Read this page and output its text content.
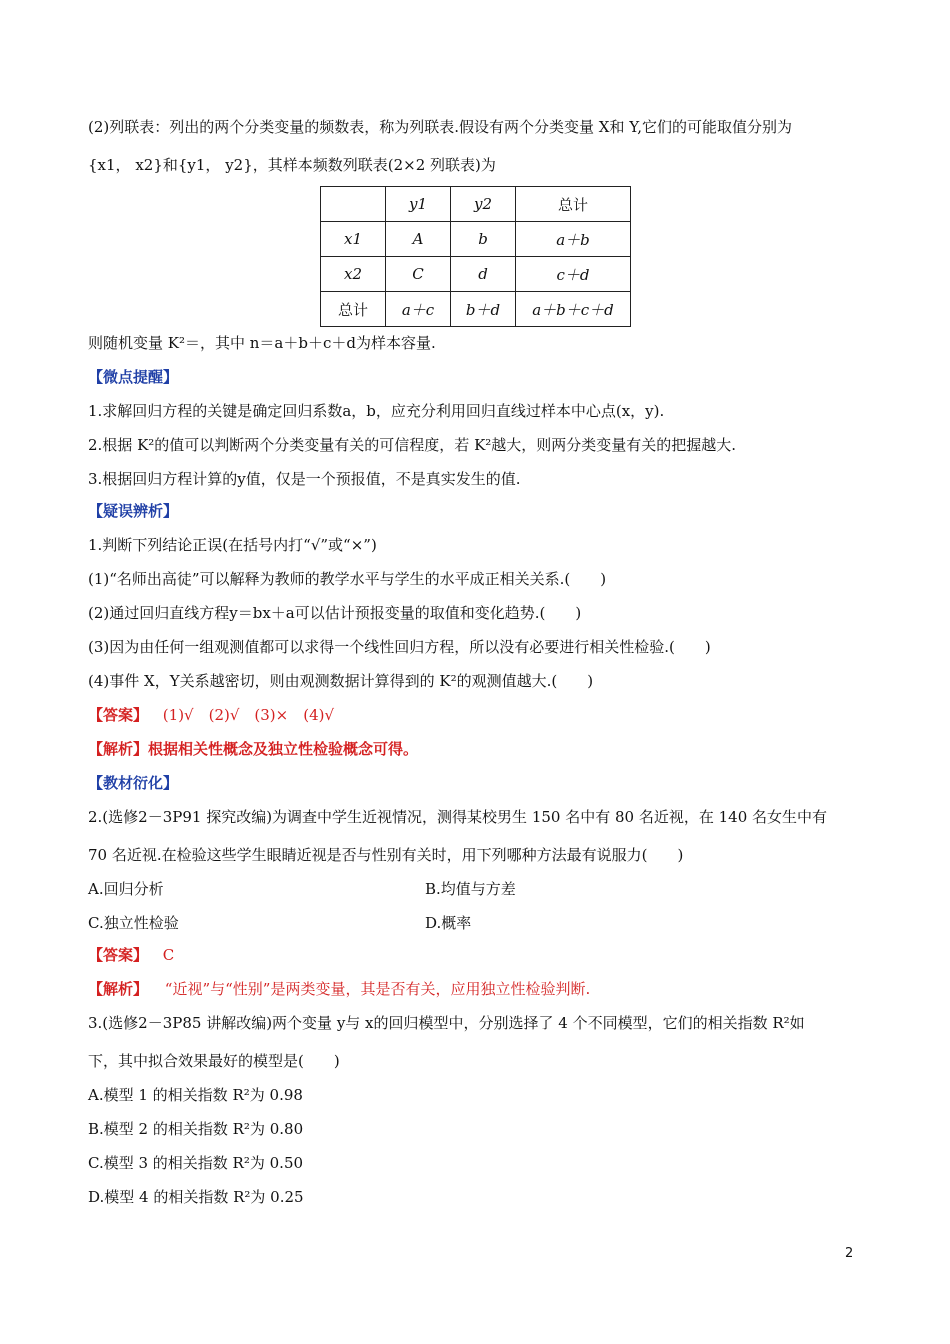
(2)列联表：列出的两个分类变量的频数表，称为列联表.假设有两个分类变量 X和 Y,它们的可能取值分别为
{x1， x2}和{y1， y2}，其样本频数列联表(2×2 列联表)为
	y1	y2	总计
x1	A	b	a＋b
x2	C	d	c＋d
总计	a＋c	b＋d	a＋b＋c＋d
则随机变量 K²＝，其中 n＝a＋b＋c＋d为样本容量.
【微点提醒】
1.求解回归方程的关键是确定回归系数a，b，应充分利用回归直线过样本中心点(x，y).
2.根据 K²的值可以判断两个分类变量有关的可信程度，若 K²越大，则两分类变量有关的把握越大.
3.根据回归方程计算的y值，仅是一个预报值，不是真实发生的值.
【疑误辨析】
1.判断下列结论正误(在括号内打“√”或“×”)
(1)“名师出高徒”可以解释为教师的教学水平与学生的水平成正相关关系.(　　)
(2)通过回归直线方程y＝bx＋a可以估计预报变量的取值和变化趋势.(　　)
(3)因为由任何一组观测值都可以求得一个线性回归方程，所以没有必要进行相关性检验.(　　)
(4)事件 X，Y关系越密切，则由观测数据计算得到的 K²的观测值越大.(　　)
【答案】 (1)√　(2)√　(3)×　(4)√
【解析】根据相关性概念及独立性检验概念可得。
【教材衍化】
2.(选修2－3P91 探究改编)为调查中学生近视情况，测得某校男生 150 名中有 80 名近视，在 140 名女生中有
70 名近视.在检验这些学生眼睛近视是否与性别有关时，用下列哪种方法最有说服力(　　)
A.回归分析	B.均值与方差
C.独立性检验	D.概率
【答案】 C
【解析】 “近视”与“性别”是两类变量，其是否有关，应用独立性检验判断.
3.(选修2－3P85 讲解改编)两个变量 y与 x的回归模型中，分别选择了 4 个不同模型，它们的相关指数 R²如
下，其中拟合效果最好的模型是(　　)
A.模型 1 的相关指数 R²为 0.98
B.模型 2 的相关指数 R²为 0.80
C.模型 3 的相关指数 R²为 0.50
D.模型 4 的相关指数 R²为 0.25
2
